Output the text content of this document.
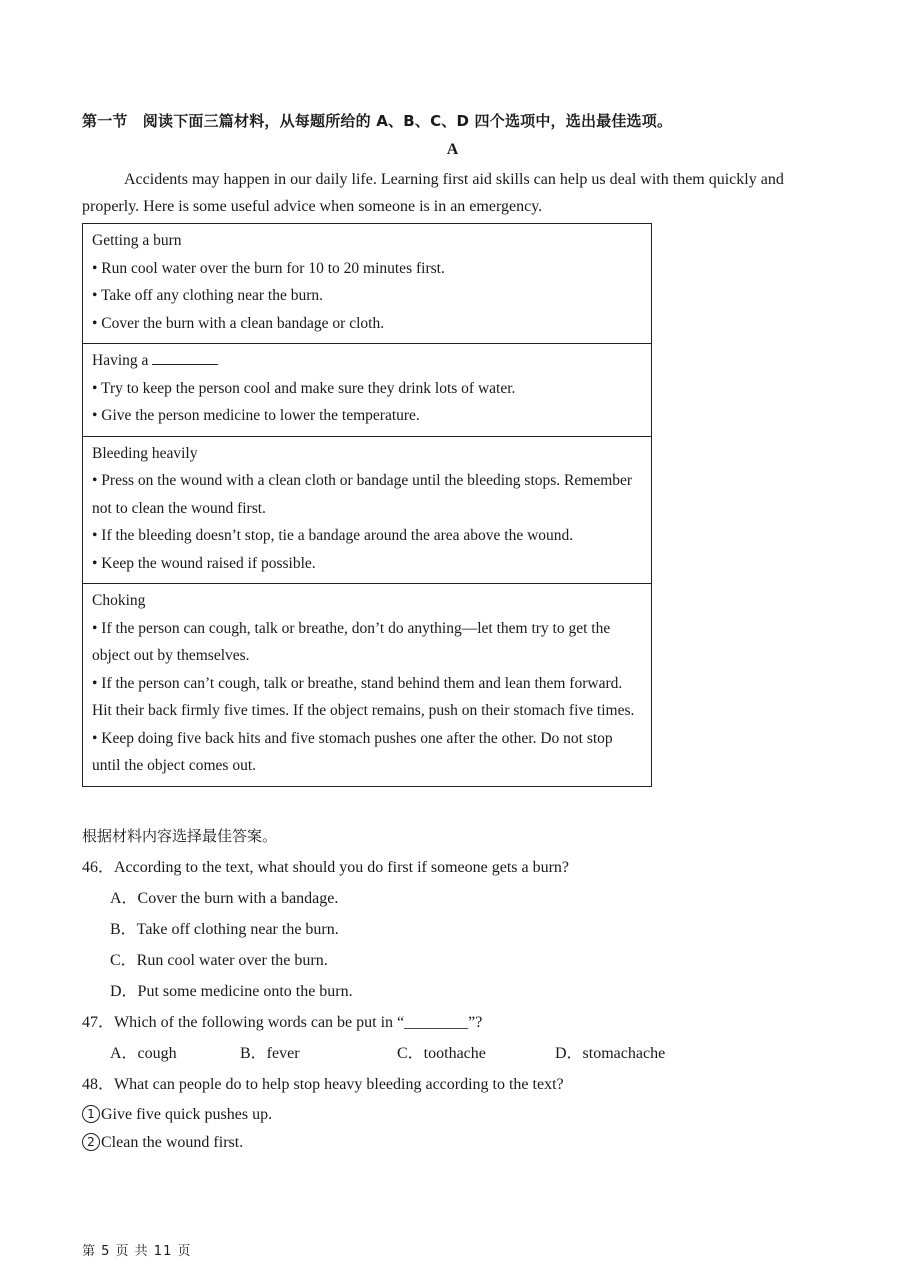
第一节　阅读下面三篇材料，从每题所给的 A、B、C、D 四个选项中，选出最佳选项。
A
Accidents may happen in our daily life. Learning first aid skills can help us deal with them quickly and properly. Here is some useful advice when someone is in an emergency.
Getting a burn
• Run cool water over the burn for 10 to 20 minutes first.
• Take off any clothing near the burn.
• Cover the burn with a clean bandage or cloth.
Having a
• Try to keep the person cool and make sure they drink lots of water.
• Give the person medicine to lower the temperature.
Bleeding heavily
• Press on the wound with a clean cloth or bandage until the bleeding stops. Remember not to clean the wound first.
• If the bleeding doesn’t stop, tie a bandage around the area above the wound.
• Keep the wound raised if possible.
Choking
• If the person can cough, talk or breathe, don’t do anything—let them try to get the object out by themselves.
• If the person can’t cough, talk or breathe, stand behind them and lean them forward. Hit their back firmly five times. If the object remains, push on their stomach five times.
• Keep doing five back hits and five stomach pushes one after the other. Do not stop until the object comes out.
根据材料内容选择最佳答案。
46．According to the text, what should you do first if someone gets a burn?
A．Cover the burn with a bandage.
B．Take off clothing near the burn.
C．Run cool water over the burn.
D．Put some medicine onto the burn.
47．Which of the following words can be put in “________”?
A．cough	B．fever	C．toothache	D．stomachache
48．What can people do to help stop heavy bleeding according to the text?
1 Give five quick pushes up.
2 Clean the wound first.
第 5 页 共 11 页
